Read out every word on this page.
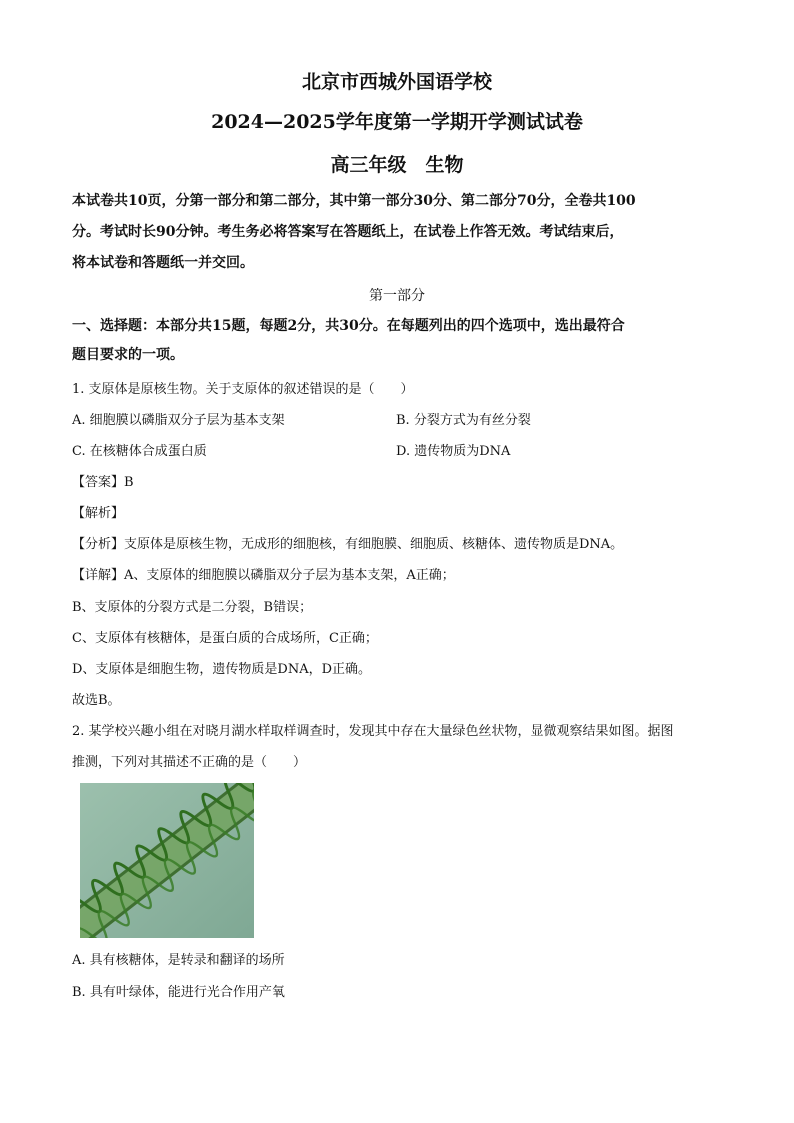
北京市西城外国语学校
2024—2025学年度第一学期开学测试试卷
高三年级　生物

本试卷共10页，分第一部分和第二部分，其中第一部分30分、第二部分70分，全卷共100

分。考试时长90分钟。考生务必将答案写在答题纸上，在试卷上作答无效。考试结束后，

将本试卷和答题纸一并交回。

第一部分

一、选择题：本部分共15题，每题2分，共30分。在每题列出的四个选项中，选出最符合

题目要求的一项。

1. 支原体是原核生物。关于支原体的叙述错误的是（　　）
A. 细胞膜以磷脂双分子层为基本支架	B. 分裂方式为有丝分裂
C. 在核糖体合成蛋白质	D. 遗传物质为DNA
【答案】B
【解析】
【分析】支原体是原核生物，无成形的细胞核，有细胞膜、细胞质、核糖体、遗传物质是DNA。
【详解】A、支原体的细胞膜以磷脂双分子层为基本支架，A正确；
B、支原体的分裂方式是二分裂，B错误；
C、支原体有核糖体，是蛋白质的合成场所，C正确；
D、支原体是细胞生物，遗传物质是DNA，D正确。
故选B。
2. 某学校兴趣小组在对晓月湖水样取样调查时，发现其中存在大量绿色丝状物，显微观察结果如图。据图
推测，下列对其描述不正确的是（　　）
A. 具有核糖体，是转录和翻译的场所
B. 具有叶绿体，能进行光合作用产氧
